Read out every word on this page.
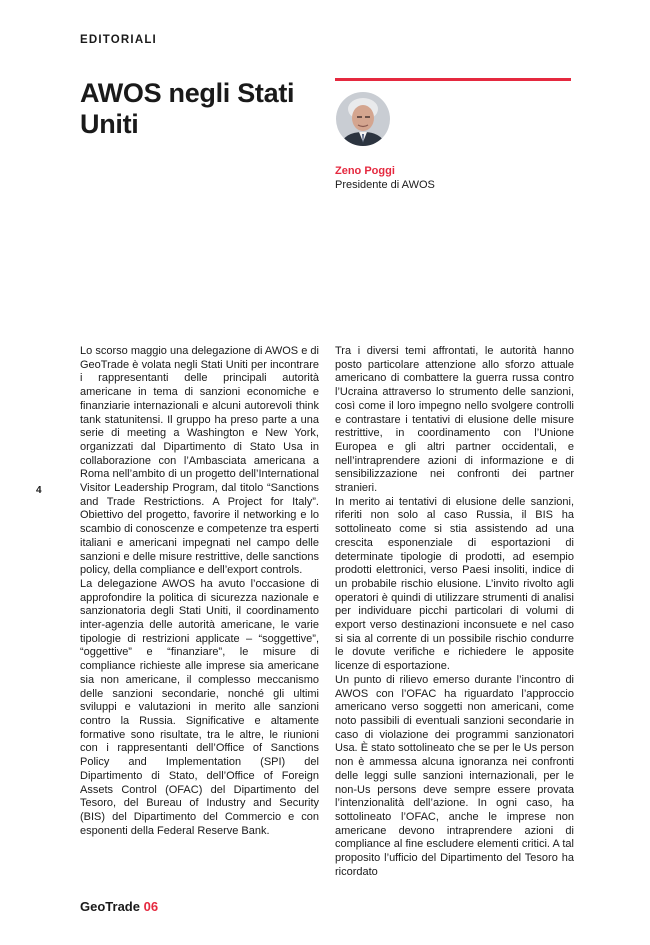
EDITORIALI
AWOS negli Stati Uniti
Zeno Poggi
Presidente di AWOS
4

Lo scorso maggio una delegazione di AWOS e di GeoTrade è volata negli Stati Uniti per incontrare i rappresentanti delle principali autorità americane in tema di sanzioni economiche e finanziarie internazionali e alcuni autorevoli think tank statunitensi. Il gruppo ha preso parte a una serie di meeting a Washington e New York, organizzati dal Dipartimento di Stato Usa in collaborazione con l’Ambasciata americana a Roma nell’ambito di un progetto dell’International Visitor Leadership Program, dal titolo “Sanctions and Trade Restrictions. A Project for Italy”. Obiettivo del progetto, favorire il networking e lo scambio di conoscenze e competenze tra esperti italiani e americani impegnati nel campo delle sanzioni e delle misure restrittive, delle sanctions policy, della compliance e dell’export controls.

La delegazione AWOS ha avuto l’occasione di approfondire la politica di sicurezza nazionale e sanzionatoria degli Stati Uniti, il coordinamento inter-agenzia delle autorità americane, le varie tipologie di restrizioni applicate – “soggettive”, “oggettive” e “finanziare”, le misure di compliance richieste alle imprese sia americane sia non americane, il complesso meccanismo delle sanzioni secondarie, nonché gli ultimi sviluppi e valutazioni in merito alle sanzioni contro la Russia. Significative e altamente formative sono risultate, tra le altre, le riunioni con i rappresentanti dell’Office of Sanctions Policy and Implementation (SPI) del Dipartimento di Stato, dell’Office of Foreign Assets Control (OFAC) del Dipartimento del Tesoro, del Bureau of Industry and Security (BIS) del Dipartimento del Commercio e con esponenti della Federal Reserve Bank.

Tra i diversi temi affrontati, le autorità hanno posto particolare attenzione allo sforzo attuale americano di combattere la guerra russa contro l’Ucraina attraverso lo strumento delle sanzioni, così come il loro impegno nello svolgere controlli e contrastare i tentativi di elusione delle misure restrittive, in coordinamento con l’Unione Europea e gli altri partner occidentali, e nell’intraprendere azioni di informazione e di sensibilizzazione nei confronti dei partner stranieri.

In merito ai tentativi di elusione delle sanzioni, riferiti non solo al caso Russia, il BIS ha sottolineato come si stia assistendo ad una crescita esponenziale di esportazioni di determinate tipologie di prodotti, ad esempio prodotti elettronici, verso Paesi insoliti, indice di un probabile rischio elusione. L’invito rivolto agli operatori è quindi di utilizzare strumenti di analisi per individuare picchi particolari di volumi di export verso destinazioni inconsuete e nel caso si sia al corrente di un possibile rischio condurre le dovute verifiche e richiedere le apposite licenze di esportazione.

Un punto di rilievo emerso durante l’incontro di AWOS con l’OFAC ha riguardato l’approccio americano verso soggetti non americani, come noto passibili di eventuali sanzioni secondarie in caso di violazione dei programmi sanzionatori Usa. È stato sottolineato che se per le Us person non è ammessa alcuna ignoranza nei confronti delle leggi sulle sanzioni internazionali, per le non-Us persons deve sempre essere provata l’intenzionalità dell’azione. In ogni caso, ha sottolineato l’OFAC, anche le imprese non americane devono intraprendere azioni di compliance al fine escludere elementi critici. A tal proposito l’ufficio del Dipartimento del Tesoro ha ricordato

GeoTrade 06
